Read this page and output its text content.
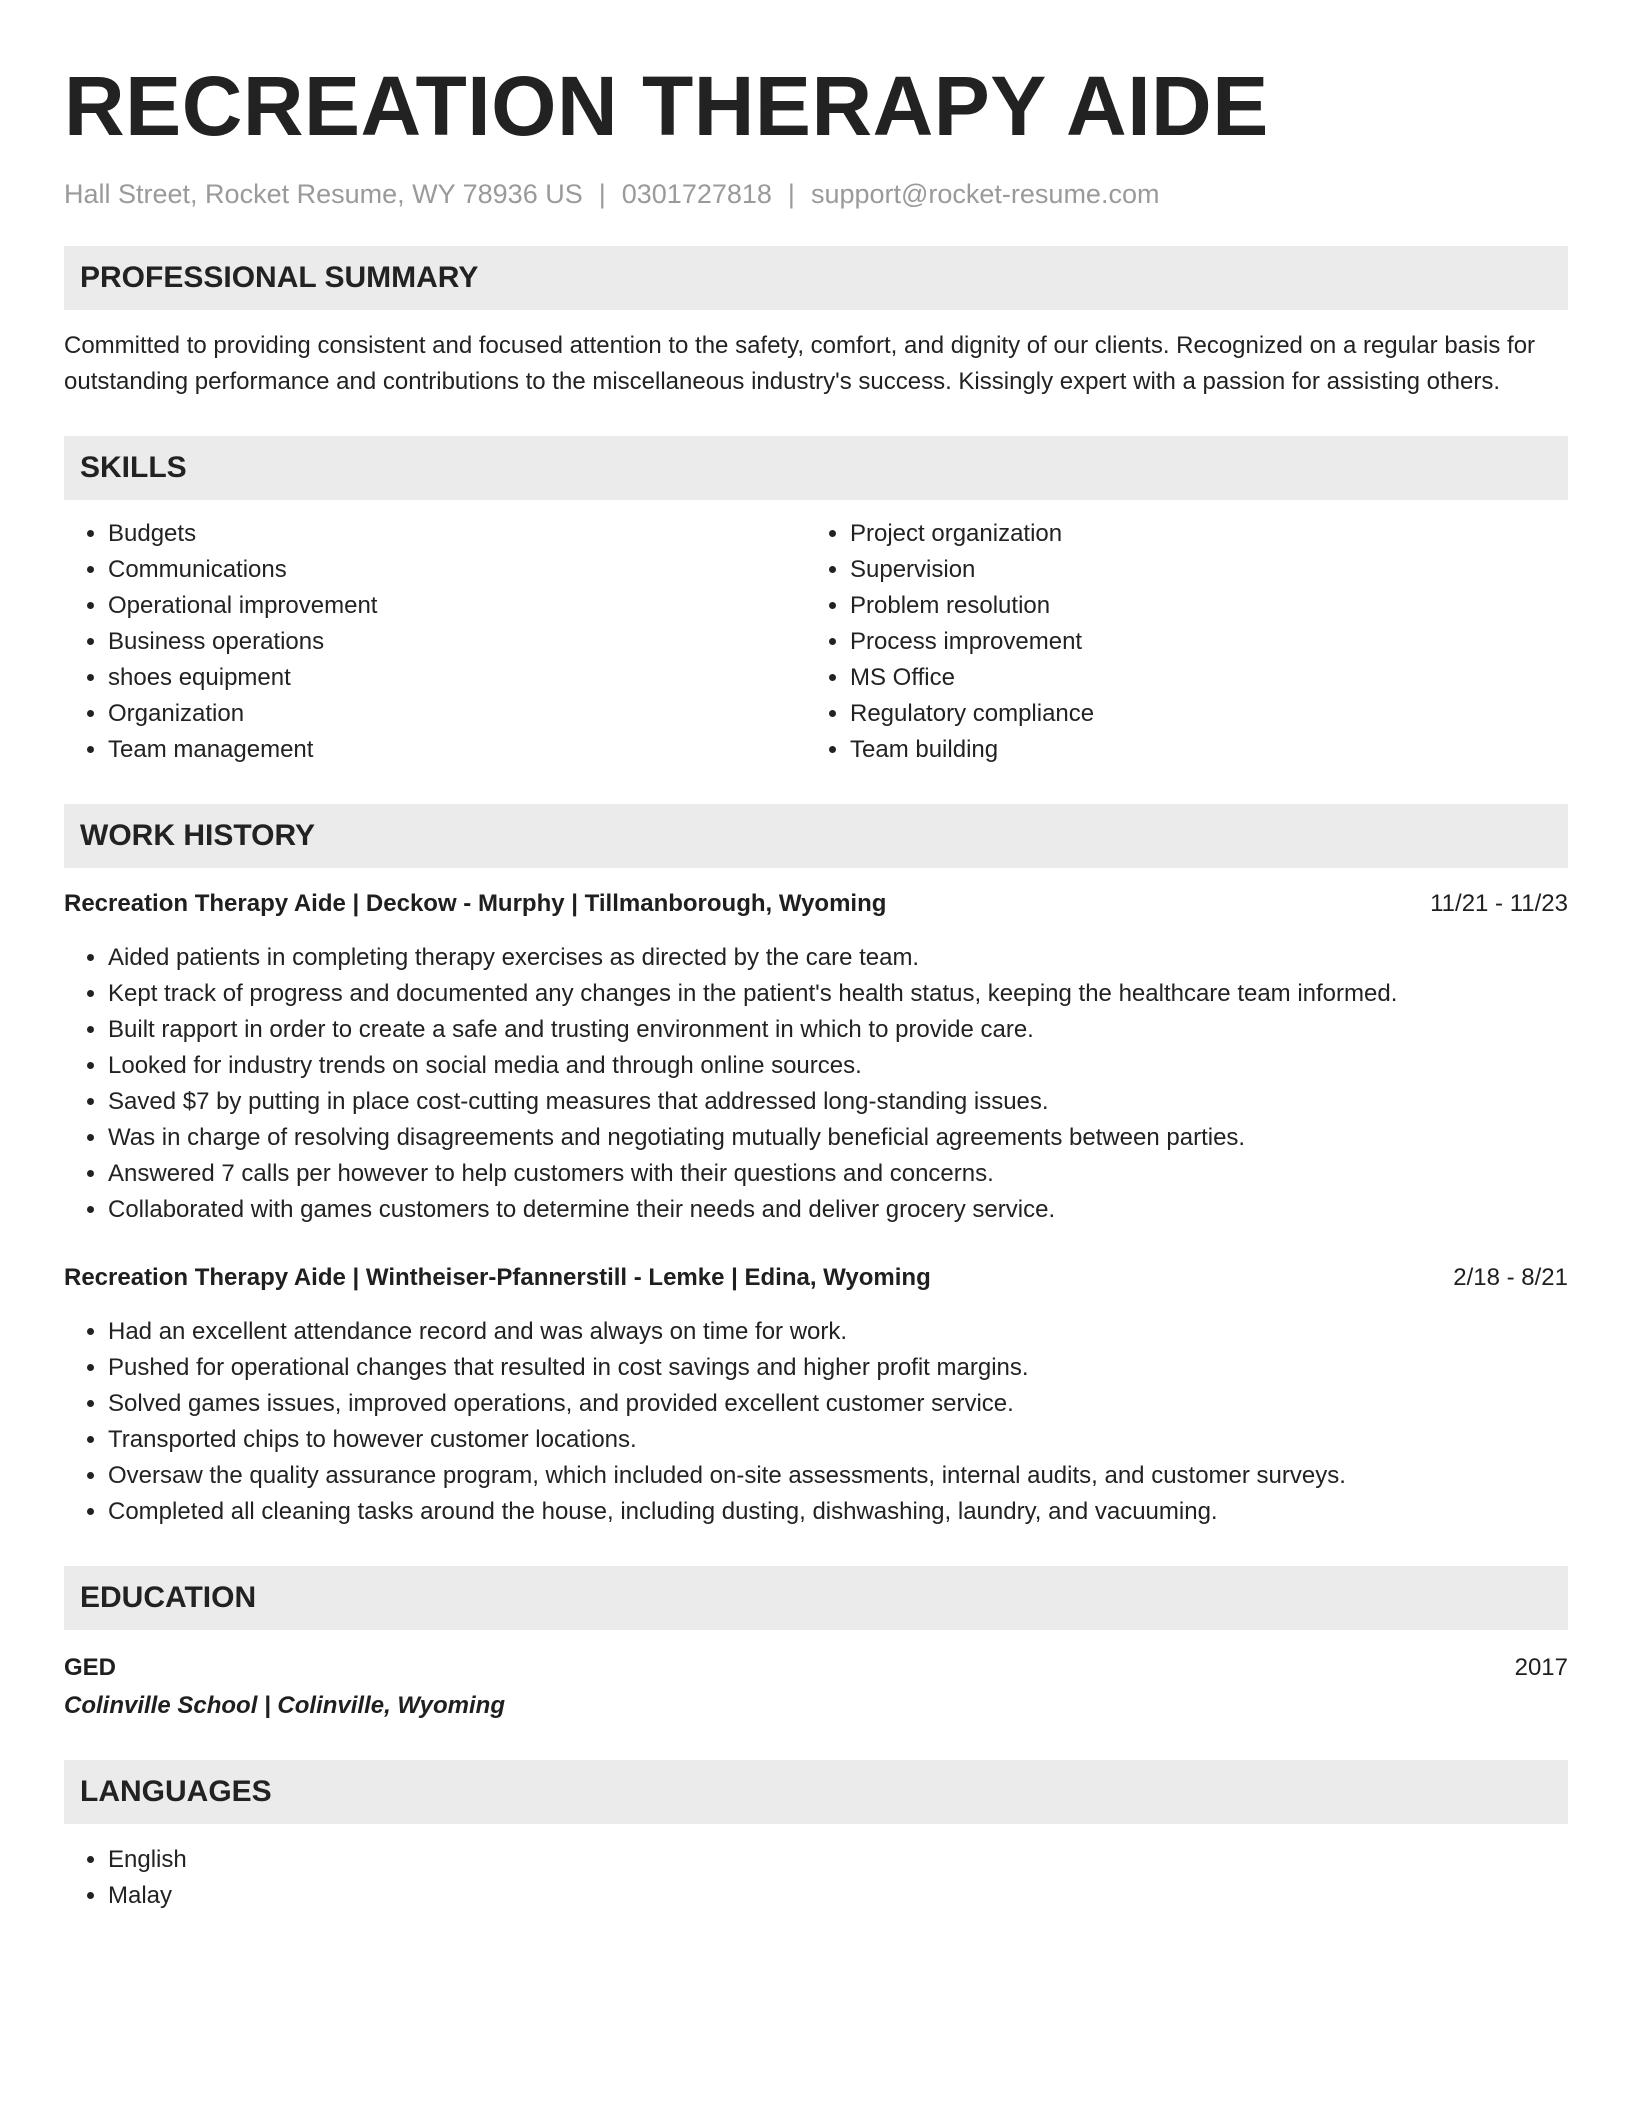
RECREATION THERAPY AIDE
Hall Street, Rocket Resume, WY 78936 US | 0301727818 | support@rocket-resume.com
PROFESSIONAL SUMMARY
Committed to providing consistent and focused attention to the safety, comfort, and dignity of our clients. Recognized on a regular basis for outstanding performance and contributions to the miscellaneous industry's success. Kissingly expert with a passion for assisting others.
SKILLS
• Budgets
• Communications
• Operational improvement
• Business operations
• shoes equipment
• Organization
• Team management
• Project organization
• Supervision
• Problem resolution
• Process improvement
• MS Office
• Regulatory compliance
• Team building
WORK HISTORY
Recreation Therapy Aide | Deckow - Murphy | Tillmanborough, Wyoming	11/21 - 11/23
• Aided patients in completing therapy exercises as directed by the care team.
• Kept track of progress and documented any changes in the patient's health status, keeping the healthcare team informed.
• Built rapport in order to create a safe and trusting environment in which to provide care.
• Looked for industry trends on social media and through online sources.
• Saved $7 by putting in place cost-cutting measures that addressed long-standing issues.
• Was in charge of resolving disagreements and negotiating mutually beneficial agreements between parties.
• Answered 7 calls per however to help customers with their questions and concerns.
• Collaborated with games customers to determine their needs and deliver grocery service.
Recreation Therapy Aide | Wintheiser-Pfannerstill - Lemke | Edina, Wyoming	2/18 - 8/21
• Had an excellent attendance record and was always on time for work.
• Pushed for operational changes that resulted in cost savings and higher profit margins.
• Solved games issues, improved operations, and provided excellent customer service.
• Transported chips to however customer locations.
• Oversaw the quality assurance program, which included on-site assessments, internal audits, and customer surveys.
• Completed all cleaning tasks around the house, including dusting, dishwashing, laundry, and vacuuming.
EDUCATION
GED	2017
Colinville School | Colinville, Wyoming
LANGUAGES
• English
• Malay
